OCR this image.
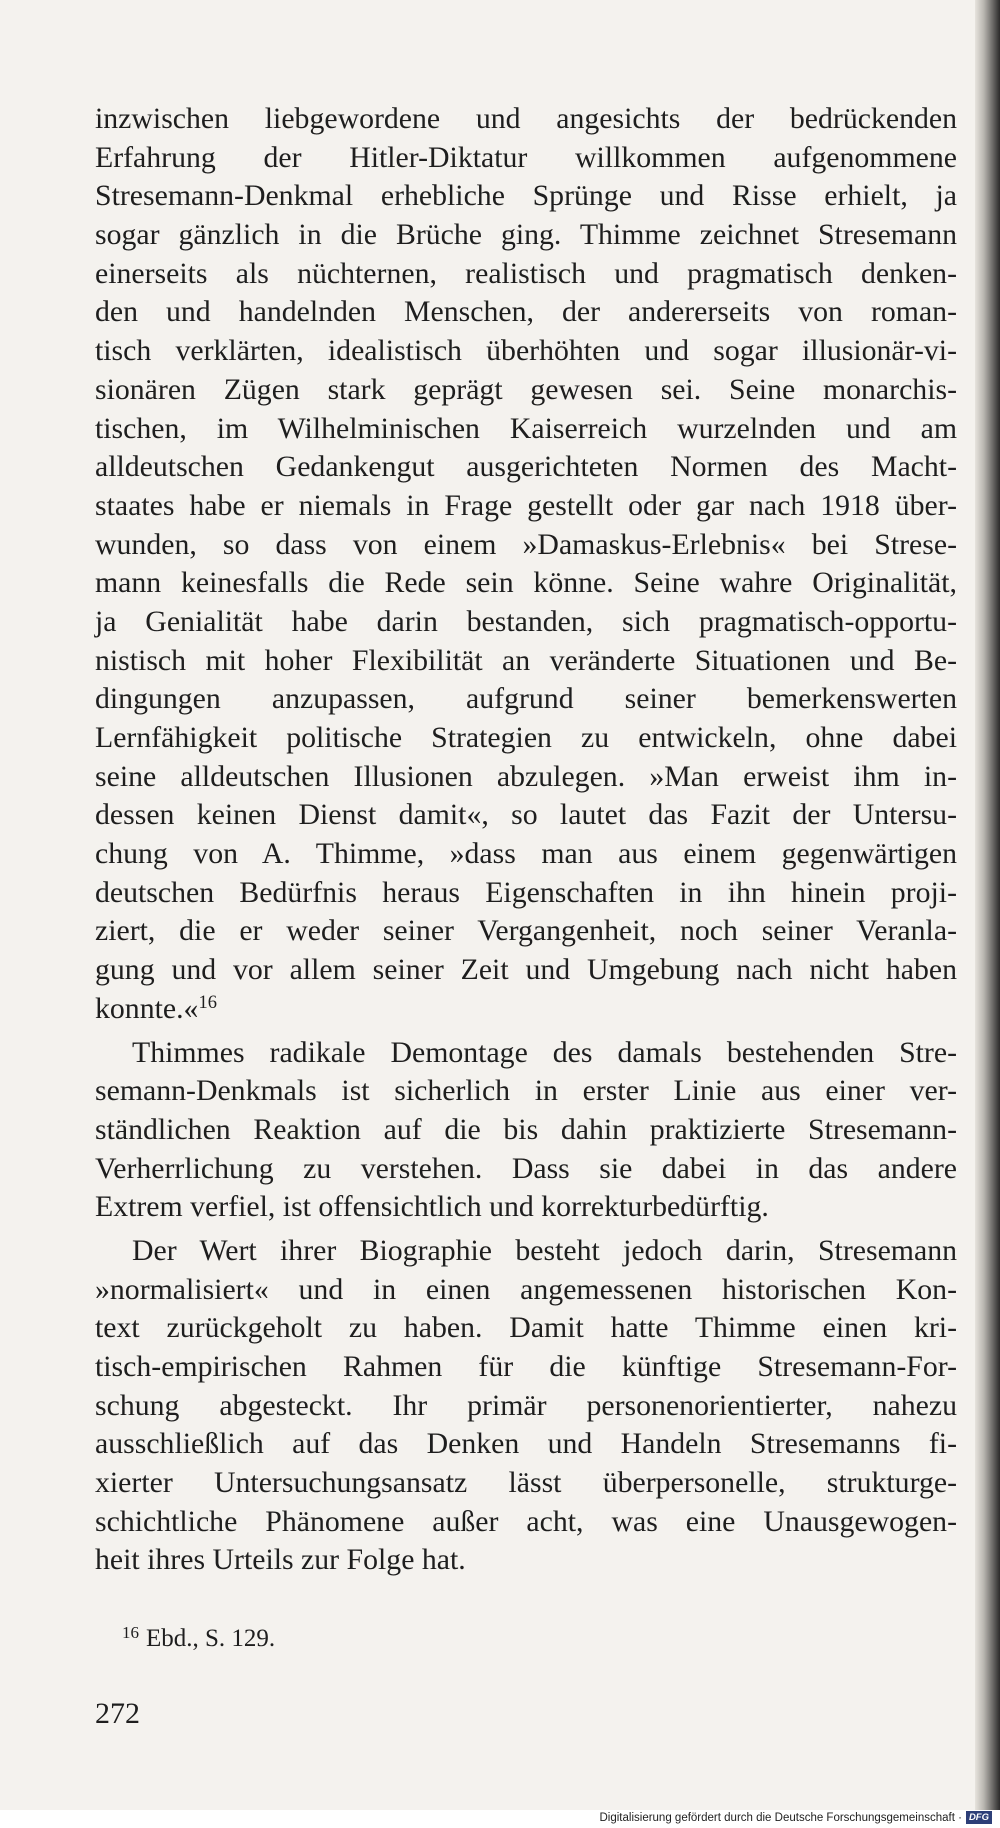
inzwischen liebgewordene und angesichts der bedrückenden
Erfahrung der Hitler-Diktatur willkommen aufgenommene
Stresemann-Denkmal erhebliche Sprünge und Risse erhielt, ja
sogar gänzlich in die Brüche ging. Thimme zeichnet Stresemann
einerseits als nüchternen, realistisch und pragmatisch denken-
den und handelnden Menschen, der andererseits von roman-
tisch verklärten, idealistisch überhöhten und sogar illusionär-vi-
sionären Zügen stark geprägt gewesen sei. Seine monarchis-
tischen, im Wilhelminischen Kaiserreich wurzelnden und am
alldeutschen Gedankengut ausgerichteten Normen des Macht-
staates habe er niemals in Frage gestellt oder gar nach 1918 über-
wunden, so dass von einem »Damaskus-Erlebnis« bei Strese-
mann keinesfalls die Rede sein könne. Seine wahre Originalität,
ja Genialität habe darin bestanden, sich pragmatisch-opportu-
nistisch mit hoher Flexibilität an veränderte Situationen und Be-
dingungen anzupassen, aufgrund seiner bemerkenswerten
Lernfähigkeit politische Strategien zu entwickeln, ohne dabei
seine alldeutschen Illusionen abzulegen. »Man erweist ihm in-
dessen keinen Dienst damit«, so lautet das Fazit der Untersu-
chung von A. Thimme, »dass man aus einem gegenwärtigen
deutschen Bedürfnis heraus Eigenschaften in ihn hinein proji-
ziert, die er weder seiner Vergangenheit, noch seiner Veranla-
gung und vor allem seiner Zeit und Umgebung nach nicht haben
konnte.«$^{16}$
Thimmes radikale Demontage des damals bestehenden Stre-
semann-Denkmals ist sicherlich in erster Linie aus einer ver-
ständlichen Reaktion auf die bis dahin praktizierte Stresemann-
Verherrlichung zu verstehen. Dass sie dabei in das andere
Extrem verfiel, ist offensichtlich und korrekturbedürftig.
Der Wert ihrer Biographie besteht jedoch darin, Stresemann
»normalisiert« und in einen angemessenen historischen Kon-
text zurückgeholt zu haben. Damit hatte Thimme einen kri-
tisch-empirischen Rahmen für die künftige Stresemann-For-
schung abgesteckt. Ihr primär personenorientierter, nahezu
ausschließlich auf das Denken und Handeln Stresemanns fi-
xierter Untersuchungsansatz lässt überpersonelle, strukturge-
schichtliche Phänomene außer acht, was eine Unausgewogen-
heit ihres Urteils zur Folge hat.
$^{16}$ Ebd., S. 129.
272
Digitalisierung gefördert durch die Deutsche Forschungsgemeinschaft · DFG
